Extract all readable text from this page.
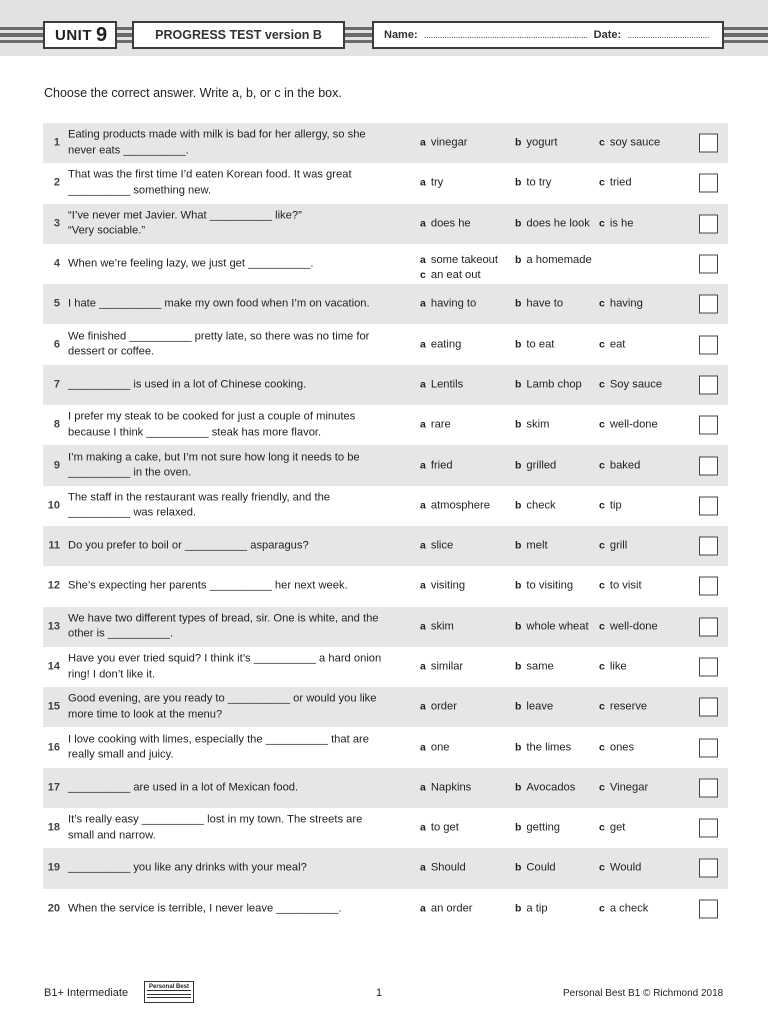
UNIT 9	PROGRESS TEST version B	Name: ........................................................................ Date: ....................................
Choose the correct answer. Write a, b, or c in the box.
1
Eating products made with milk is bad for her allergy, so she
never eats __________.
a vinegar	b yogurt	c soy sauce
2
That was the first time I’d eaten Korean food. It was great
__________ something new.
a try	b to try	c tried
3
“I’ve never met Javier. What __________ like?”
“Very sociable.”
a does he	b does he look c is he
4 When we’re feeling lazy, we just get __________.	a some takeout b a homemade
c an eat out
5 I hate __________ make my own food when I’m on vacation.	a having to	b have to	c having
6
We finished __________ pretty late, so there was no time for
dessert or coffee.
a eating	b to eat	c eat
7 __________ is used in a lot of Chinese cooking.	a Lentils	b Lamb chop c Soy sauce
8
I prefer my steak to be cooked for just a couple of minutes
because I think __________ steak has more flavor.
a rare	b skim	c well-done
9
I’m making a cake, but I’m not sure how long it needs to be
__________ in the oven.
a fried	b grilled	c baked
10
The staff in the restaurant was really friendly, and the
__________ was relaxed.
a atmosphere b check	c tip
11 Do you prefer to boil or __________ asparagus?	a slice	b melt	c grill
12 She’s expecting her parents __________ her next week.	a visiting	b to visiting c to visit
13
We have two different types of bread, sir. One is white, and the
other is __________.
a skim	b whole wheat c well-done
14
Have you ever tried squid? I think it’s __________ a hard onion
ring! I don’t like it.
a similar	b same	c like
15
Good evening, are you ready to __________ or would you like
more time to look at the menu?
a order	b leave	c reserve
16
I love cooking with limes, especially the __________ that are
really small and juicy.
a one	b the limes	c ones
17 __________ are used in a lot of Mexican food.	a Napkins	b Avocados c Vinegar
18
It’s really easy __________ lost in my town. The streets are
small and narrow.
a to get	b getting	c get
19 __________ you like any drinks with your meal?	a Should	b Could	c Would
20 When the service is terrible, I never leave __________.	a an order	b a tip	c a check
B1+ Intermediate	Personal Best	1	Personal Best B1 © Richmond 2018
